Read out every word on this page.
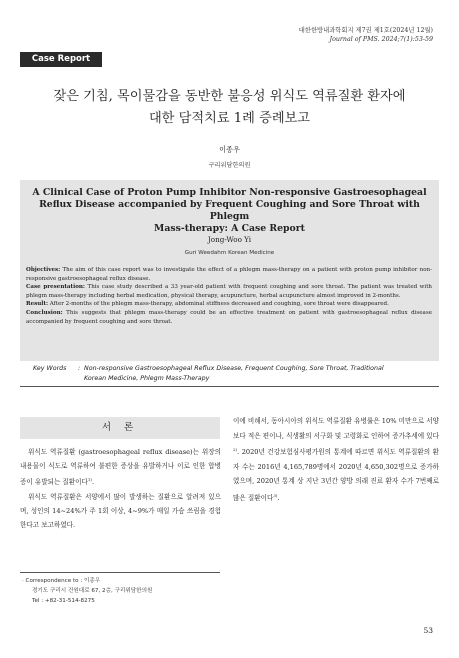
대한한방내과학회지 제7권 제1호(2024년 12월)
Journal of PMS. 2024;7(1):53-59
Case Report
잦은 기침, 목이물감을 동반한 불응성 위식도 역류질환 환자에
대한 담적치료 1례 증례보고
이종우
구리위담한의원
A Clinical Case of Proton Pump Inhibitor Non-responsive Gastroesophageal
Reflux Disease accompanied by Frequent Coughing and Sore Throat with Phlegm
Mass-therapy: A Case Report
Jong-Woo Yi
Guri Weedahm Korean Medicine

Objectives: The aim of this case report was to investigate the effect of a phlegm mass-therapy on a patient with proton pump inhibitor non-responsive gastroesophageal reflux disease.

Case presentation: This case study described a 33 year-old patient with frequent coughing and sore throat. The patient was treated with phlegm mass-therapy including herbal medication, physical therapy, acupuncture, herbal acupuncture almost improved in 2-months.

Result: After 2-months of the phlegm mass-therapy, abdominal stiffness decreased and coughing, sore throat were disappeared.

Conclusion: This suggests that phlegm mass-therapy could be an effective treatment on patient with gastroesophageal reflux disease accompanied by frequent coughing and sore throat.

Key Words : Non-responsive Gastroesophageal Reflux Disease, Frequent Coughing, Sore Throat, Traditional
Korean Medicine, Phlegm Mass-Therapy
서 론

위식도 역류질환 (gastroesophageal reflux disease)는 위장의 내용물이 식도로 역류하여 불편한 증상을 유발하거나 이로 인한 합병증이 유발되는 질환이다$^{1)}$.

위식도 역류질환은 서양에서 많이 발생하는 질환으로 알려져 있으며, 성인의 14~24%가 주 1회 이상, 4~9%가 매일 가슴 쓰림을 경험한다고 보고하였다.

이에 비해서, 동아시아의 위식도 역류질환 유병률은 10% 미만으로 서양보다 적은 편이나, 식생활의 서구화 및 고령화로 인하여 증가추세에 있다$^{2)}$. 2020년 건강보험심사평가원의 통계에 따르면 위식도 역류질환의 환자 수는 2016년 4,165,789명에서 2020년 4,650,302명으로 증가하였으며, 2020년 통계 상 지난 3년간 양방 의래 진료 환자 수가 7번째로 많은 질환이다$^{3)}$.

· Correspondence to : 이종우
경기도 구리시 건원대로 67, 2층, 구리위담한의원
Tel : +82-31-514-8275
53
